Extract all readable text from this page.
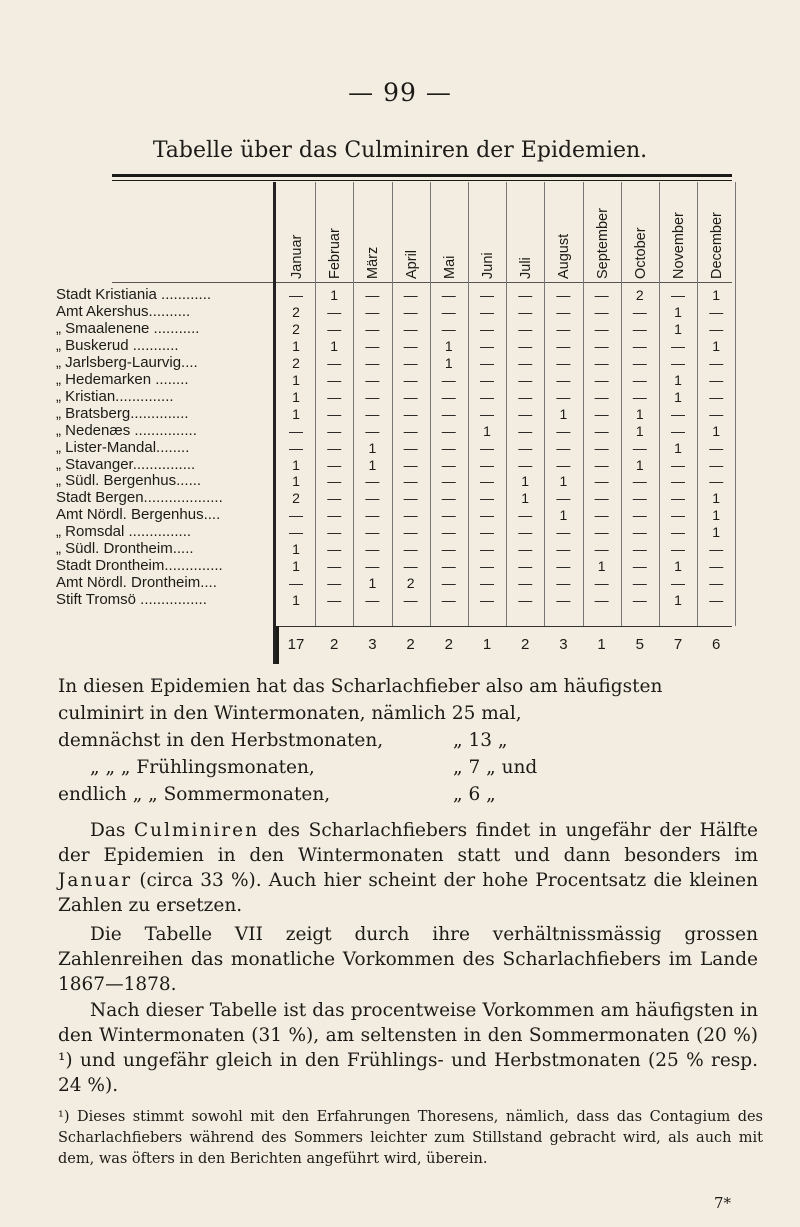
— 99 —
Tabelle über das Culminiren der Epidemien.
Januar Februar März April Mai Juni Juli August September October November December
Stadt Kristiania ............	—	1	—	—	—	—	—	—	—	2	—	1
Amt Akershus..........	2	—	—	—	—	—	—	—	—	—	1	—
„ Smaalenene ...........	2	—	—	—	—	—	—	—	—	—	1	—
„ Buskerud ...........	1	1	—	—	1	—	—	—	—	—	—	1
„ Jarlsberg-Laurvig....	2	—	—	—	1	—	—	—	—	—	—	—
„ Hedemarken ........	1	—	—	—	—	—	—	—	—	—	1	—
„ Kristian..............	1	—	—	—	—	—	—	—	—	—	1	—
„ Bratsberg..............	1	—	—	—	—	—	—	1	—	1	—	—
„ Nedenæs ...............	—	—	—	—	—	1	—	—	—	1	—	1
„ Lister-Mandal........	—	—	1	—	—	—	—	—	—	—	1	—
„ Stavanger...............	1	—	1	—	—	—	—	—	—	1	—	—
„ Südl. Bergenhus......	1	—	—	—	—	—	1	1	—	—	—	—
Stadt Bergen...................	2	—	—	—	—	—	1	—	—	—	—	1
Amt Nördl. Bergenhus....	—	—	—	—	—	—	—	1	—	—	—	1
„ Romsdal ...............	—	—	—	—	—	—	—	—	—	—	—	1
„ Südl. Drontheim.....	1	—	—	—	—	—	—	—	—	—	—	—
Stadt Drontheim..............	1	—	—	—	—	—	—	—	1	—	1	—
Amt Nördl. Drontheim....	—	—	1	2	—	—	—	—	—	—	—	—
Stift Tromsö ................	1	—	—	—	—	—	—	—	—	—	1	—
17	2	3	2	2	1	2	3	1	5	7	6
In diesen Epidemien hat das Scharlachfieber also am häufigsten
culminirt in den Wintermonaten, nämlich 25 mal,
demnächst in den Herbstmonaten,	„ 13 „
„ „ „ Frühlingsmonaten,	„ 7 „ und
endlich „ „ Sommermonaten,	„ 6 „
Das Culminiren des Scharlachfiebers findet in ungefähr der Hälfte der Epidemien in den Wintermonaten statt und dann besonders im Januar (circa 33 %). Auch hier scheint der hohe Procentsatz die kleinen Zahlen zu ersetzen.
Die Tabelle VII zeigt durch ihre verhältnissmässig grossen Zahlenreihen das monatliche Vorkommen des Scharlachfiebers im Lande 1867—1878.
Nach dieser Tabelle ist das procentweise Vorkommen am häufigsten in den Wintermonaten (31 %), am seltensten in den Sommermonaten (20 %) ¹) und ungefähr gleich in den Frühlings- und Herbstmonaten (25 % resp. 24 %).
¹) Dieses stimmt sowohl mit den Erfahrungen Thoresens, nämlich, dass das Contagium des Scharlachfiebers während des Sommers leichter zum Stillstand gebracht wird, als auch mit dem, was öfters in den Berichten angeführt wird, überein.
7*
